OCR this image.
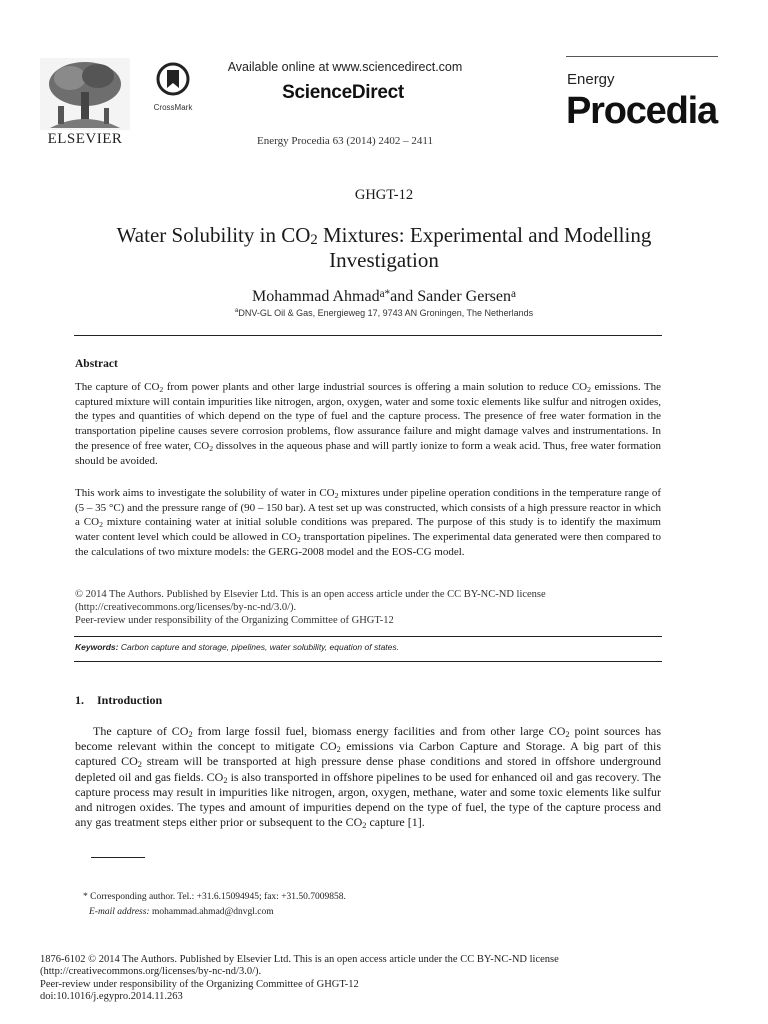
ELSEVIER
CrossMark
Available online at www.sciencedirect.com
ScienceDirect
Energy Procedia 63 (2014) 2402 – 2411
Energy
Procedia
GHGT-12
Water Solubility in $CO_2$ Mixtures: Experimental and Modelling Investigation
Mohammad Ahmad$^{a*}$and Sander Gersen$^a$
$^a$DNV-GL Oil & Gas, Energieweg 17, 9743 AN Groningen, The Netherlands
Abstract
The capture of $CO_2$ from power plants and other large industrial sources is offering a main solution to reduce $CO_2$ emissions. The captured mixture will contain impurities like nitrogen, argon, oxygen, water and some toxic elements like sulfur and nitrogen oxides, the types and quantities of which depend on the type of fuel and the capture process. The presence of free water formation in the transportation pipeline causes severe corrosion problems, flow assurance failure and might damage valves and instrumentations. In the presence of free water, $CO_2$ dissolves in the aqueous phase and will partly ionize to form a weak acid. Thus, free water formation should be avoided.
This work aims to investigate the solubility of water in $CO_2$ mixtures under pipeline operation conditions in the temperature range of (5 – 35 °C) and the pressure range of (90 – 150 bar). A test set up was constructed, which consists of a high pressure reactor in which a $CO_2$ mixture containing water at initial soluble conditions was prepared. The purpose of this study is to identify the maximum water content level which could be allowed in $CO_2$ transportation pipelines. The experimental data generated were then compared to the calculations of two mixture models: the GERG-2008 model and the EOS-CG model.
© 2014 The Authors. Published by Elsevier Ltd. This is an open access article under the CC BY-NC-ND license
(http://creativecommons.org/licenses/by-nc-nd/3.0/).
Peer-review under responsibility of the Organizing Committee of GHGT-12
Keywords: Carbon capture and storage, pipelines, water solubility, equation of states.
1. Introduction
The capture of $CO_2$ from large fossil fuel, biomass energy facilities and from other large $CO_2$ point sources has become relevant within the concept to mitigate $CO_2$ emissions via Carbon Capture and Storage. A big part of this captured $CO_2$ stream will be transported at high pressure dense phase conditions and stored in offshore underground depleted oil and gas fields. $CO_2$ is also transported in offshore pipelines to be used for enhanced oil and gas recovery. The capture process may result in impurities like nitrogen, argon, oxygen, methane, water and some toxic elements like sulfur and nitrogen oxides. The types and amount of impurities depend on the type of fuel, the type of the capture process and any gas treatment steps either prior or subsequent to the $CO_2$ capture [1].
* Corresponding author. Tel.: +31.6.15094945; fax: +31.50.7009858.
E-mail address: mohammad.ahmad@dnvgl.com
1876-6102 © 2014 The Authors. Published by Elsevier Ltd. This is an open access article under the CC BY-NC-ND license
(http://creativecommons.org/licenses/by-nc-nd/3.0/).
Peer-review under responsibility of the Organizing Committee of GHGT-12
doi:10.1016/j.egypro.2014.11.263
